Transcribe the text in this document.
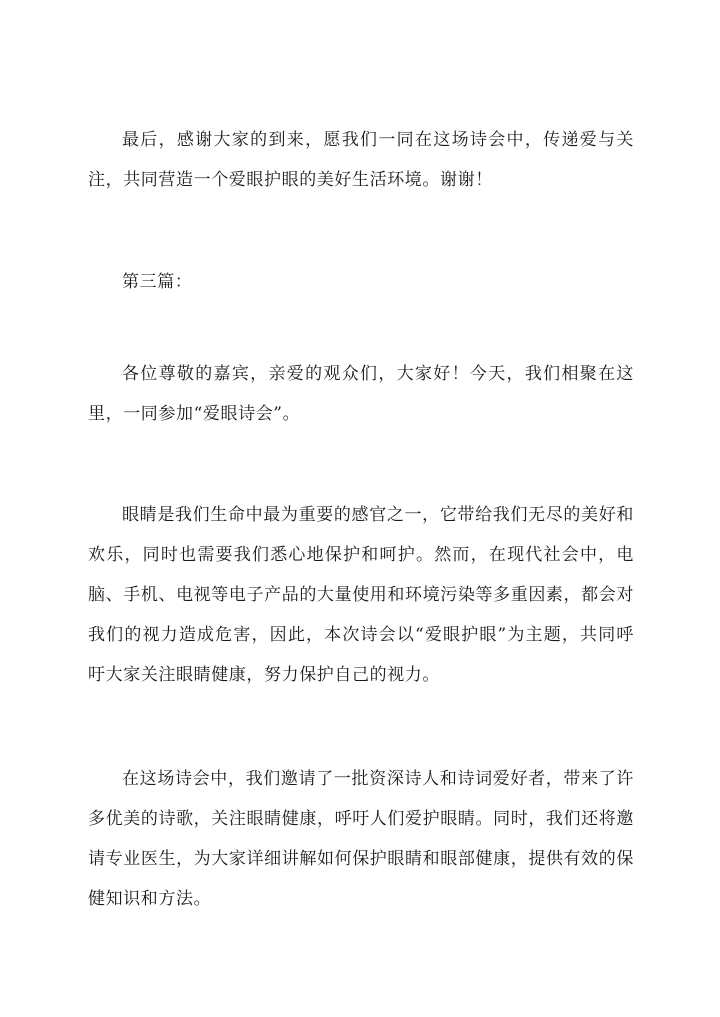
最后，感谢大家的到来，愿我们一同在这场诗会中，传递爱与关注，共同营造一个爱眼护眼的美好生活环境。谢谢！

第三篇：

各位尊敬的嘉宾，亲爱的观众们，大家好！今天，我们相聚在这里，一同参加“爱眼诗会”。

眼睛是我们生命中最为重要的感官之一，它带给我们无尽的美好和欢乐，同时也需要我们悉心地保护和呵护。然而，在现代社会中，电脑、手机、电视等电子产品的大量使用和环境污染等多重因素，都会对我们的视力造成危害，因此，本次诗会以“爱眼护眼”为主题，共同呼吁大家关注眼睛健康，努力保护自己的视力。

在这场诗会中，我们邀请了一批资深诗人和诗词爱好者，带来了许多优美的诗歌，关注眼睛健康，呼吁人们爱护眼睛。同时，我们还将邀请专业医生，为大家详细讲解如何保护眼睛和眼部健康，提供有效的保健知识和方法。
